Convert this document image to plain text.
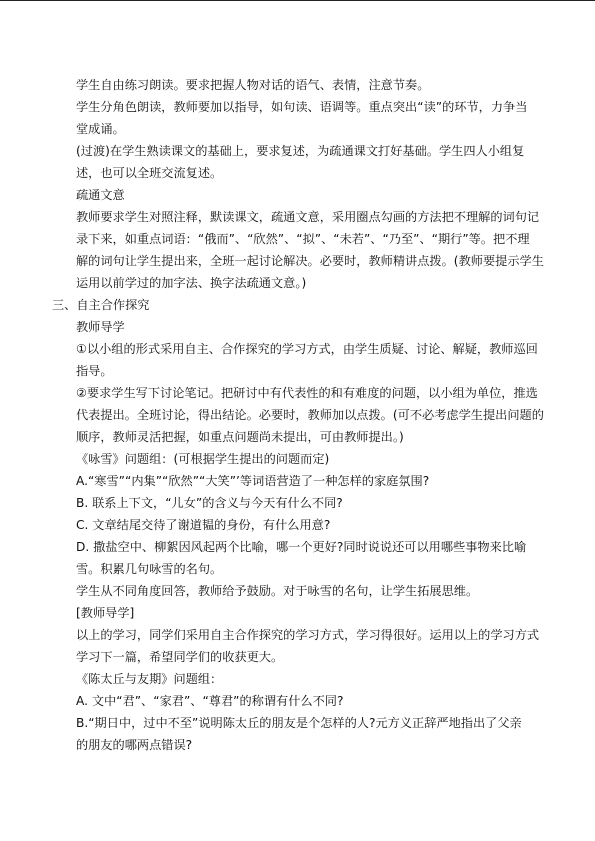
学生自由练习朗读。要求把握人物对话的语气、表情，注意节奏。

学生分角色朗读，教师要加以指导，如句读、语调等。重点突出“读”的环节，力争当

堂成诵。

(过渡)在学生熟读课文的基础上，要求复述，为疏通课文打好基础。学生四人小组复

述，也可以全班交流复述。

疏通文意

教师要求学生对照注释，默读课文，疏通文意，采用圈点勾画的方法把不理解的词句记

录下来，如重点词语：“俄而”、“欣然”、“拟”、“未若”、“乃至”、“期行”等。把不理

解的词句让学生提出来，全班一起讨论解决。必要时，教师精讲点拨。(教师要提示学生

运用以前学过的加字法、换字法疏通文意。)

三、自主合作探究

教师导学

①以小组的形式采用自主、合作探究的学习方式，由学生质疑、讨论、解疑，教师巡回

指导。

②要求学生写下讨论笔记。把研讨中有代表性的和有难度的问题，以小组为单位，推选

代表提出。全班讨论，得出结论。必要时，教师加以点拨。(可不必考虑学生提出问题的

顺序，教师灵活把握，如重点问题尚未提出，可由教师提出。)

《咏雪》问题组：(可根据学生提出的问题而定)

A.“寒雪”“内集”“欣然”“大笑”’等词语营造了一种怎样的家庭氛围?

B. 联系上下文，“儿女”的含义与今天有什么不同?

C. 文章结尾交待了谢道韫的身份，有什么用意?

D. 撒盐空中、柳絮因风起两个比喻，哪一个更好?同时说说还可以用哪些事物来比喻

雪。积累几句咏雪的名句。

学生从不同角度回答，教师给予鼓励。对于咏雪的名句，让学生拓展思维。

[教师导学]

以上的学习，同学们采用自主合作探究的学习方式，学习得很好。运用以上的学习方式

学习下一篇，希望同学们的收获更大。

《陈太丘与友期》问题组：

A. 文中“君”、“家君”、“尊君”的称谓有什么不同?

B.“期日中，过中不至”说明陈太丘的朋友是个怎样的人?元方义正辞严地指出了父亲

的朋友的哪两点错误?
